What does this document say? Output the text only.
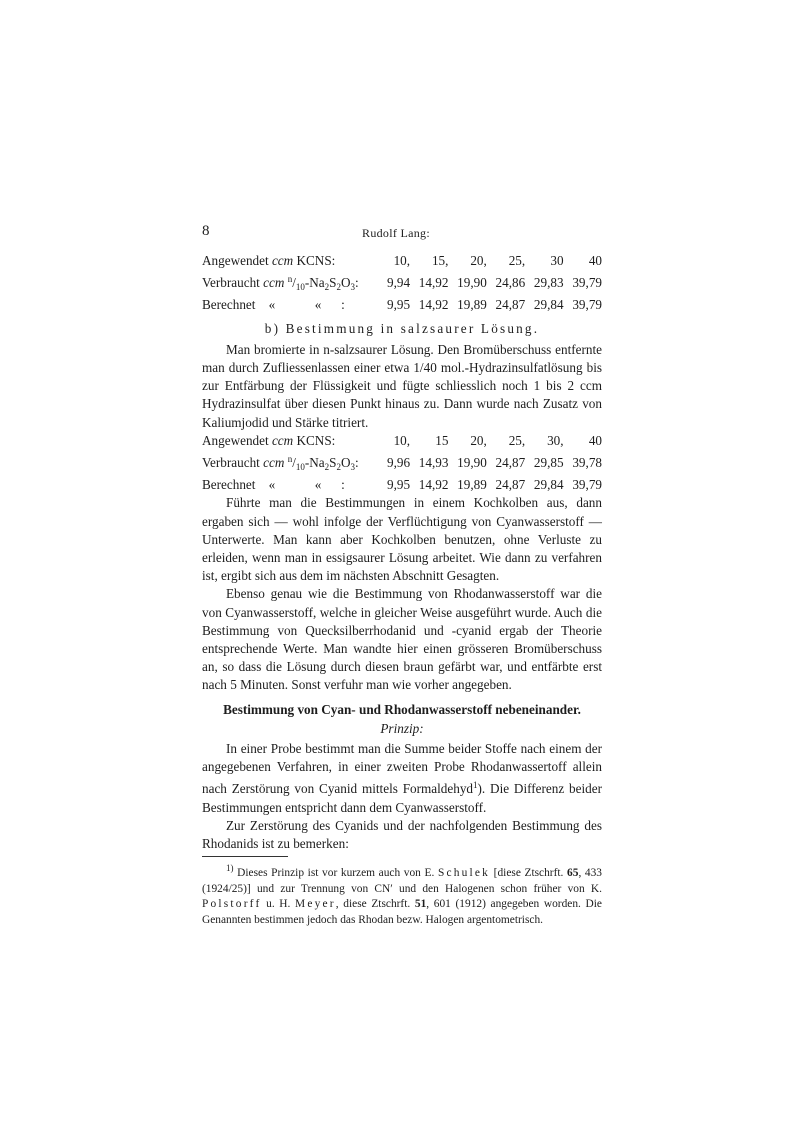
8	Rudolf Lang:
Angewendet ccm KCNS:	10,	15,	20,	25,	30	40
Verbraucht ccm $^n/_{10}-Na_2S_2O_3$:	9,94	14,92	19,90	24,86	29,83	39,79
Berechnet    «            «      :	9,95	14,92	19,89	24,87	29,84	39,79
b) Bestimmung in salzsaurer Lösung.

Man bromierte in n-salzsaurer Lösung. Den Bromüberschuss entfernte man durch Zufliessenlassen einer etwa 1/40 mol.-Hydrazinsulfatlösung bis zur Entfärbung der Flüssigkeit und fügte schliesslich noch 1 bis 2 ccm Hydrazinsulfat über diesen Punkt hinaus zu. Dann wurde nach Zusatz von Kaliumjodid und Stärke titriert.

Angewendet ccm KCNS:	10,	15	20,	25,	30,	40
Verbraucht ccm $^n/_{10}-Na_2S_2O_3$:	9,96	14,93	19,90	24,87	29,85	39,78
Berechnet    «            «      :	9,95	14,92	19,89	24,87	29,84	39,79

Führte man die Bestimmungen in einem Kochkolben aus, dann ergaben sich — wohl infolge der Verflüchtigung von Cyanwasserstoff — Unterwerte. Man kann aber Kochkolben benutzen, ohne Verluste zu erleiden, wenn man in essigsaurer Lösung arbeitet. Wie dann zu verfahren ist, ergibt sich aus dem im nächsten Abschnitt Gesagten.

Ebenso genau wie die Bestimmung von Rhodanwasserstoff war die von Cyanwasserstoff, welche in gleicher Weise ausgeführt wurde. Auch die Bestimmung von Quecksilberrhodanid und -cyanid ergab der Theorie entsprechende Werte. Man wandte hier einen grösseren Bromüberschuss an, so dass die Lösung durch diesen braun gefärbt war, und entfärbte erst nach 5 Minuten. Sonst verfuhr man wie vorher angegeben.

Bestimmung von Cyan- und Rhodanwasserstoff nebeneinander.
Prinzip:

In einer Probe bestimmt man die Summe beider Stoffe nach einem der angegebenen Verfahren, in einer zweiten Probe Rhodanwassertoff allein nach Zerstörung von Cyanid mittels Formaldehyd$^1$). Die Differenz beider Bestimmungen entspricht dann dem Cyanwasserstoff.

Zur Zerstörung des Cyanids und der nachfolgenden Bestimmung des Rhodanids ist zu bemerken:

$^{1)}$ Dieses Prinzip ist vor kurzem auch von E. Schulek [diese Ztschrft. 65, 433 (1924/25)] und zur Trennung von CN′ und den Halogenen schon früher von K. Polstorff u. H. Meyer, diese Ztschrft. 51, 601 (1912) angegeben worden. Die Genannten bestimmen jedoch das Rhodan bezw. Halogen argentometrisch.
